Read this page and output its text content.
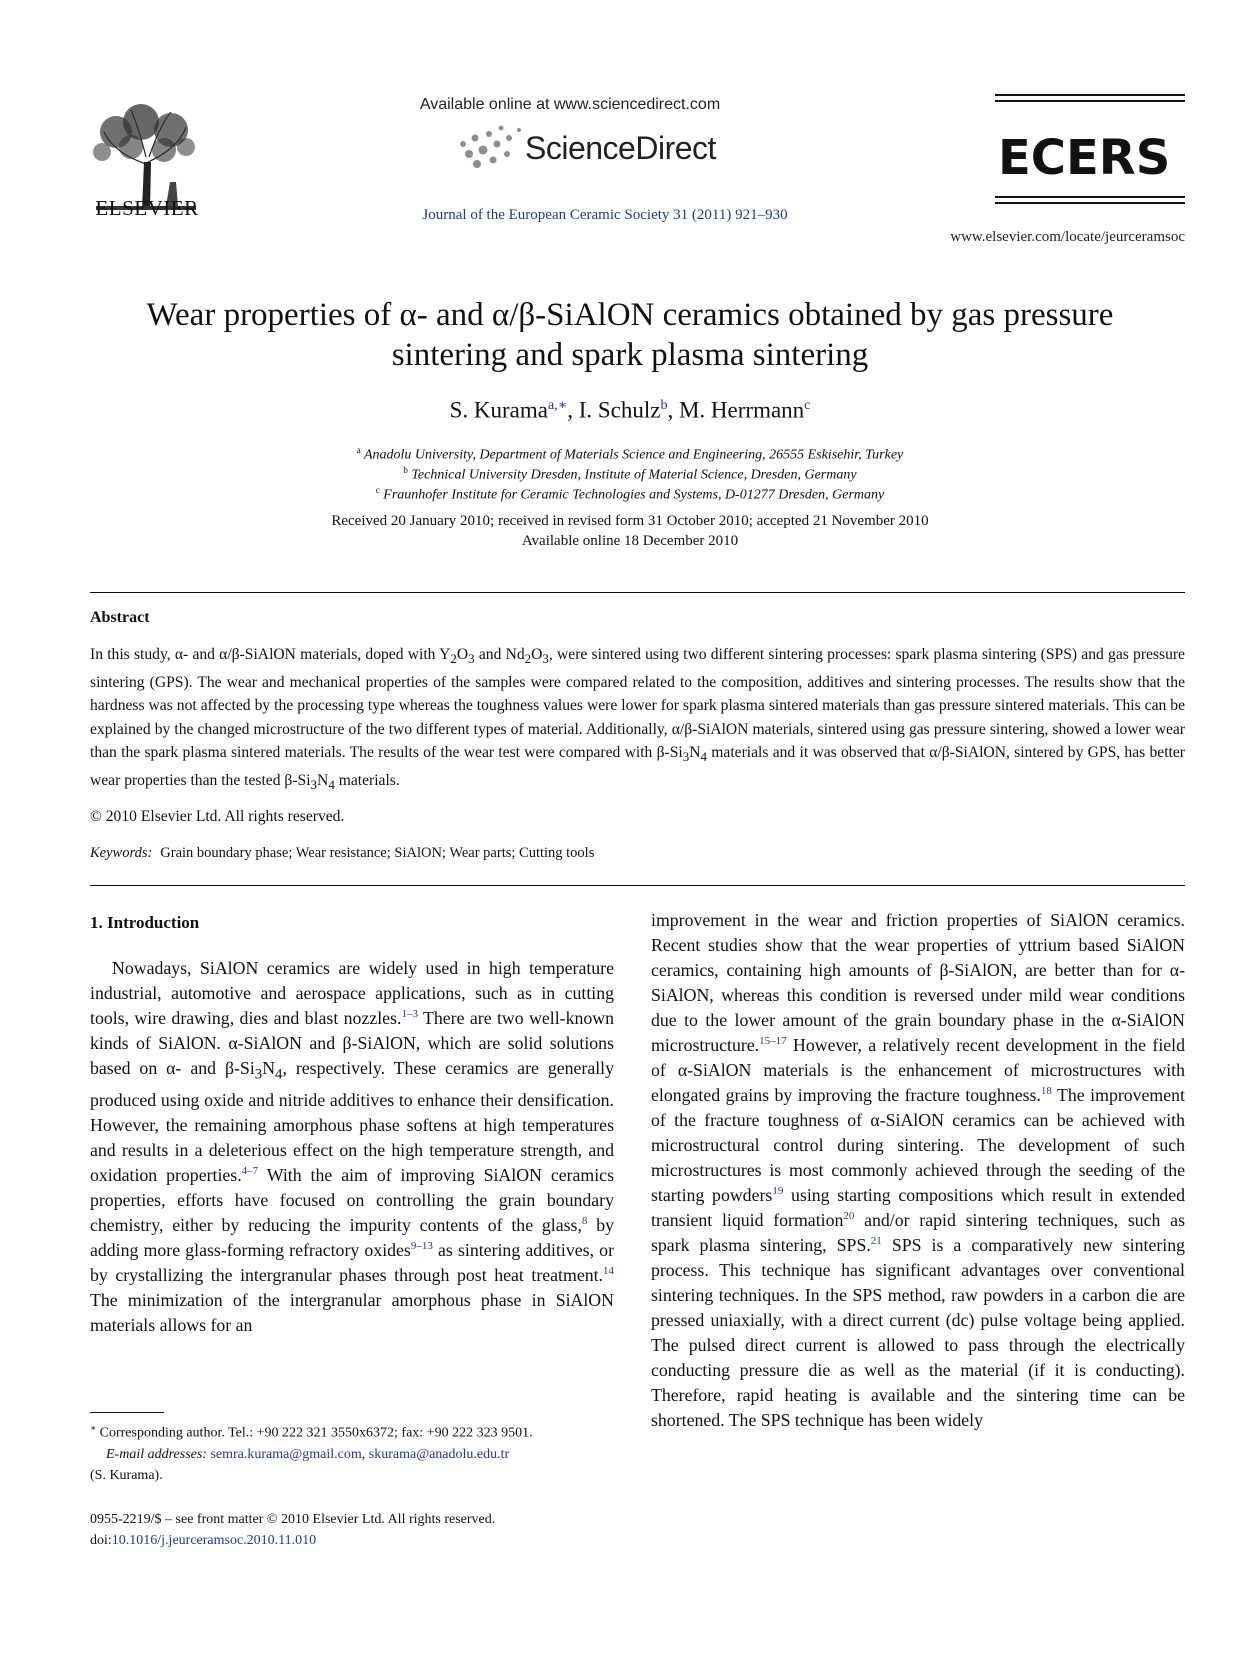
ELSEVIER
Available online at www.sciencedirect.com
ScienceDirect
Journal of the European Ceramic Society 31 (2011) 921–930
ECERS
www.elsevier.com/locate/jeurceramsoc
Wear properties of α- and α/β-SiAlON ceramics obtained by gas pressure
sintering and spark plasma sintering
S. Kurama$^{a,∗}$, I. Schulz$^b$, M. Herrmann$^c$
$^a$ Anadolu University, Department of Materials Science and Engineering, 26555 Eskisehir, Turkey
$^b$ Technical University Dresden, Institute of Material Science, Dresden, Germany
$^c$ Fraunhofer Institute for Ceramic Technologies and Systems, D-01277 Dresden, Germany
Received 20 January 2010; received in revised form 31 October 2010; accepted 21 November 2010
Available online 18 December 2010
Abstract
In this study, α- and α/β-SiAlON materials, doped with $Y_2O_3$ and $Nd_2O_3$, were sintered using two different sintering processes: spark plasma sintering (SPS) and gas pressure sintering (GPS). The wear and mechanical properties of the samples were compared related to the composition, additives and sintering processes. The results show that the hardness was not affected by the processing type whereas the toughness values were lower for spark plasma sintered materials than gas pressure sintered materials. This can be explained by the changed microstructure of the two different types of material. Additionally, α/β-SiAlON materials, sintered using gas pressure sintering, showed a lower wear than the spark plasma sintered materials. The results of the wear test were compared with $\beta-Si_3N_4$ materials and it was observed that α/β-SiAlON, sintered by GPS, has better wear properties than the tested $\beta-Si_3N_4$ materials.
© 2010 Elsevier Ltd. All rights reserved.
Keywords: Grain boundary phase; Wear resistance; SiAlON; Wear parts; Cutting tools
1. Introduction

Nowadays, SiAlON ceramics are widely used in high temperature industrial, automotive and aerospace applications, such as in cutting tools, wire drawing, dies and blast nozzles.$^{1-3}$ There are two well-known kinds of SiAlON. α-SiAlON and β-SiAlON, which are solid solutions based on α- and $\beta-Si_3N_4$, respectively. These ceramics are generally produced using oxide and nitride additives to enhance their densification. However, the remaining amorphous phase softens at high temperatures and results in a deleterious effect on the high temperature strength, and oxidation properties.$^{4-7}$ With the aim of improving SiAlON ceramics properties, efforts have focused on controlling the grain boundary chemistry, either by reducing the impurity contents of the glass,$^8$ by adding more glass-forming refractory oxides$^{9-13}$ as sintering additives, or by crystallizing the intergranular phases through post heat treatment.$^{14}$ The minimization of the intergranular amorphous phase in SiAlON materials allows for an

improvement in the wear and friction properties of SiAlON ceramics. Recent studies show that the wear properties of yttrium based SiAlON ceramics, containing high amounts of β-SiAlON, are better than for α-SiAlON, whereas this condition is reversed under mild wear conditions due to the lower amount of the grain boundary phase in the α-SiAlON microstructure.$^{15-17}$ However, a relatively recent development in the field of α-SiAlON materials is the enhancement of microstructures with elongated grains by improving the fracture toughness.$^{18}$ The improvement of the fracture toughness of α-SiAlON ceramics can be achieved with microstructural control during sintering. The development of such microstructures is most commonly achieved through the seeding of the starting powders$^{19}$ using starting compositions which result in extended transient liquid formation$^{20}$ and/or rapid sintering techniques, such as spark plasma sintering, SPS.$^{21}$ SPS is a comparatively new sintering process. This technique has significant advantages over conventional sintering techniques. In the SPS method, raw powders in a carbon die are pressed uniaxially, with a direct current (dc) pulse voltage being applied. The pulsed direct current is allowed to pass through the electrically conducting pressure die as well as the material (if it is conducting). Therefore, rapid heating is available and the sintering time can be shortened. The SPS technique has been widely

∗ Corresponding author. Tel.: +90 222 321 3550x6372; fax: +90 222 323 9501.
E-mail addresses: semra.kurama@gmail.com, skurama@anadolu.edu.tr
(S. Kurama).
0955-2219/$ – see front matter © 2010 Elsevier Ltd. All rights reserved.
doi:10.1016/j.jeurceramsoc.2010.11.010
